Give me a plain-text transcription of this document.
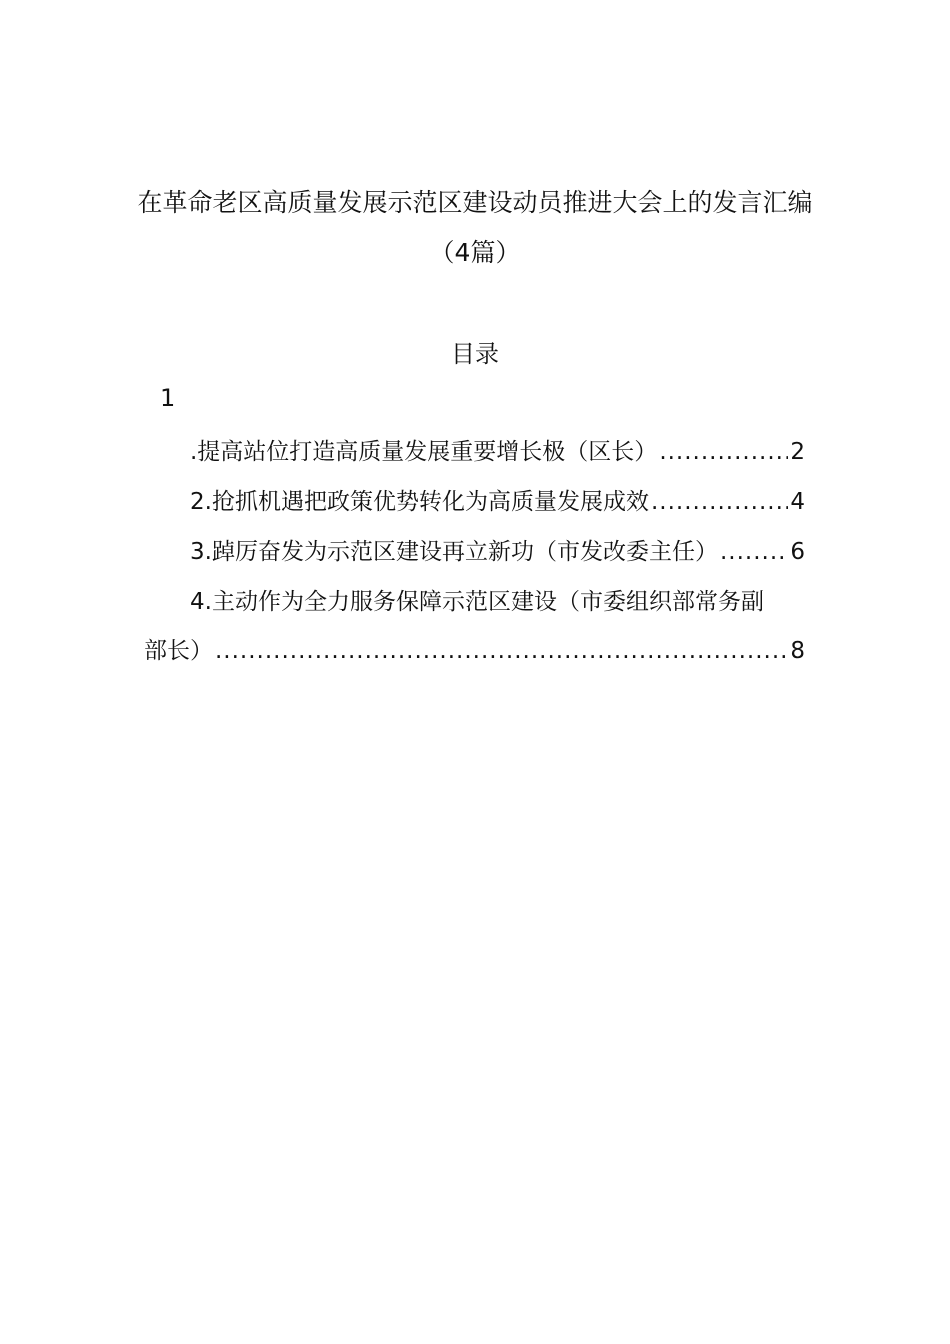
在革命老区高质量发展示范区建设动员推进大会上的发言汇编
（4篇）
目录
1
.提高站位打造高质量发展重要增长极（区长） .....	2
2.抢抓机遇把政策优势转化为高质量发展成效 .....	4
3.踔厉奋发为示范区建设再立新功（市发改委主任） .....	6
4.主动作为全力服务保障示范区建设（市委组织部常务副
部长） .....	8
